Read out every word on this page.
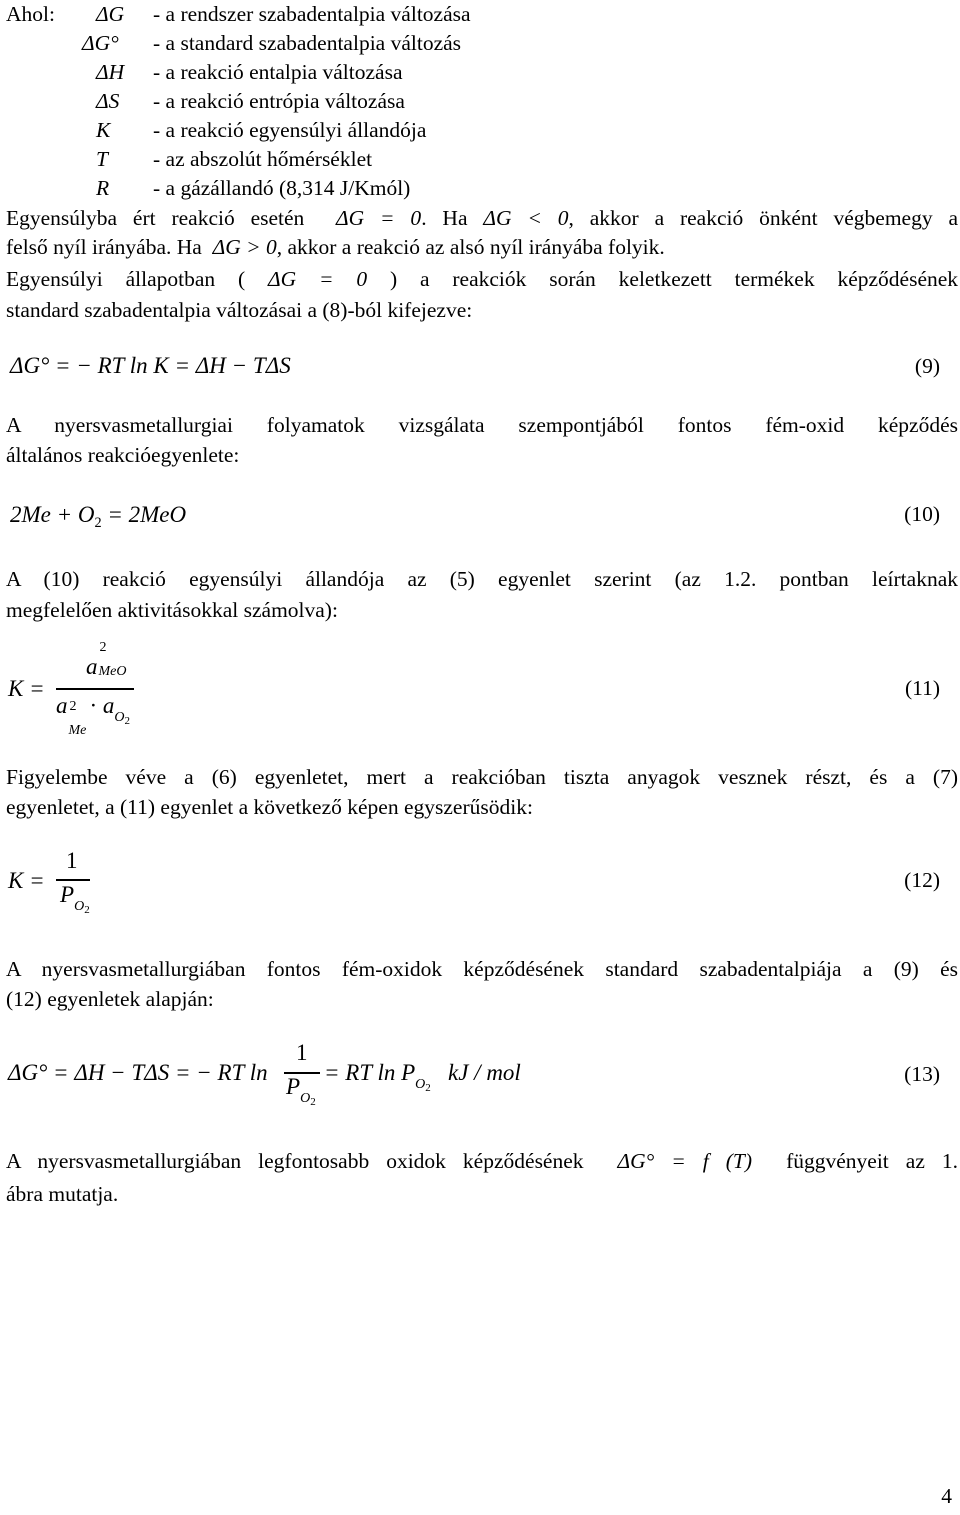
Ahol: ΔG - a rendszer szabadentalpia változása
ΔG° - a standard szabadentalpia változás
ΔH - a reakció entalpia változása
ΔS - a reakció entrópia változása
K - a reakció egyensúlyi állandója
T - az abszolút hőmérséklet
R - a gázállandó (8,314 J/Kmól)
Egyensúlyba ért reakció esetén ΔG = 0. Ha ΔG < 0, akkor a reakció önként végbemegy a
felső nyíl irányába. Ha ΔG > 0, akkor a reakció az alsó nyíl irányába folyik.
Egyensúlyi állapotban ( ΔG = 0 ) a reakciók során keletkezett termékek képződésének
standard szabadentalpia változásai a (8)-ból kifejezve:
ΔG° = − RT ln K = ΔH − TΔS	(9)
A nyersvasmetallurgiai folyamatok vizsgálata szempontjából fontos fém-oxid képződés
általános reakcióegyenlete:
$2Me + O_2 = 2MeO$	(10)
A (10) reakció egyensúlyi állandója az (5) egyenlet szerint (az 1.2. pontban leírtaknak
megfelelően aktivitásokkal számolva):
K =
a
2
MeO
a 2
Me
· $a_{O2}$
(11)
Figyelembe véve a (6) egyenletet, mert a reakcióban tiszta anyagok vesznek részt, és a (7)
egyenletet, a (11) egyenlet a következő képen egyszerűsödik:
K =
1
$P_{O2}$
(12)
A nyersvasmetallurgiában fontos fém-oxidok képződésének standard szabadentalpiája a (9) és
(12) egyenletek alapján:
ΔG° = ΔH − TΔS = − RT ln
1
$P_{O2}$
= RT $\ln P_{O2}$   kJ / mol	(13)
A nyersvasmetallurgiában legfontosabb oxidok képződésének ΔG° = f (T) függvényeit az 1.
ábra mutatja.
4
